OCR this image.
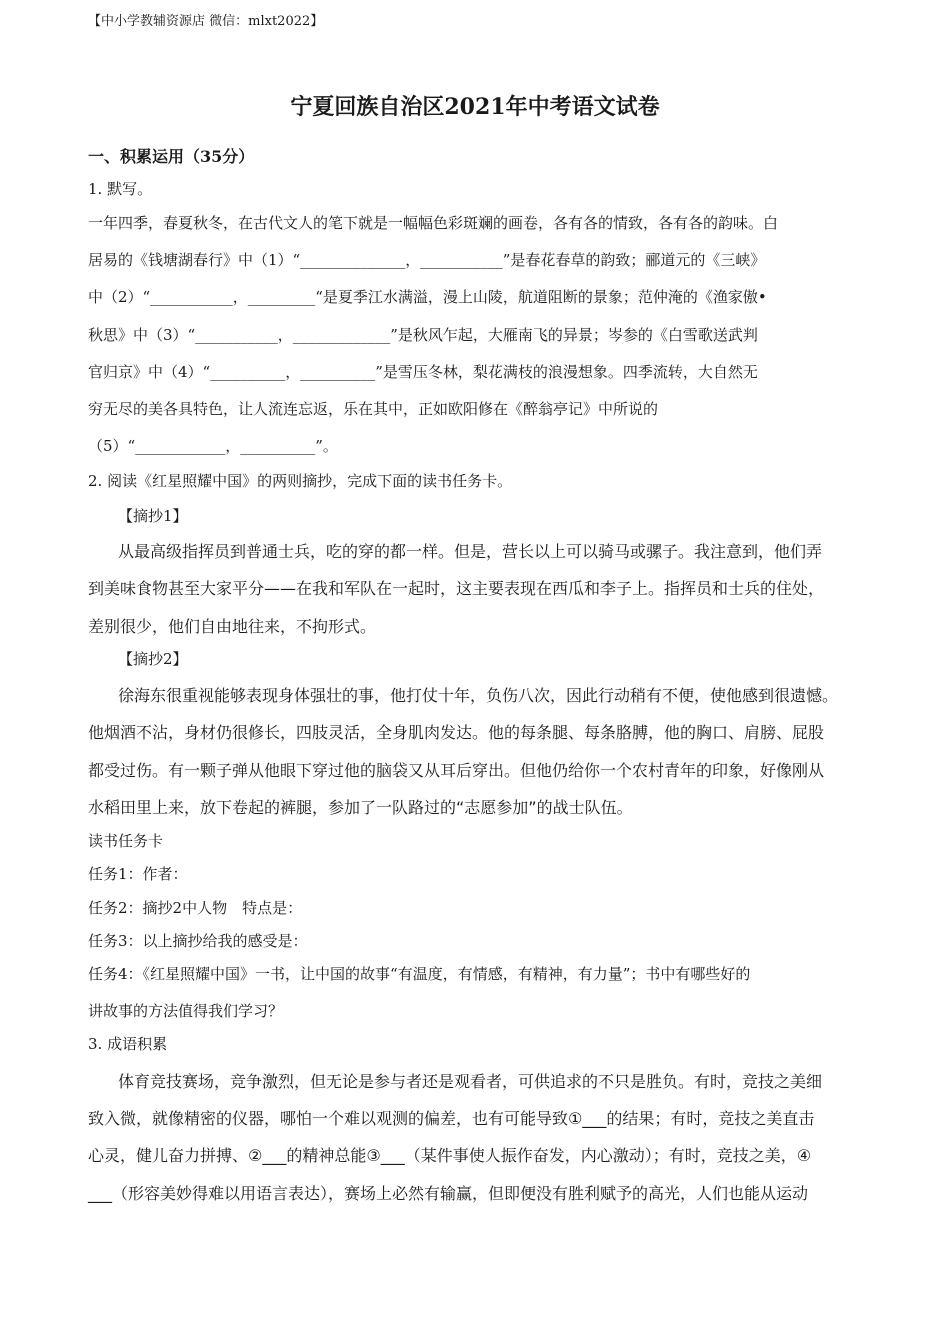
【中小学教辅资源店 微信：mlxt2022】
宁夏回族自治区2021年中考语文试卷
一、积累运用（35分）
1. 默写。
一年四季，春夏秋冬，在古代文人的笔下就是一幅幅色彩斑斓的画卷，各有各的情致，各有各的韵味。白
居易的《钱塘湖春行》中（1）“______________，___________”是春花春草的韵致；郦道元的《三峡》
中（2）“___________，_________“是夏季江水满溢，漫上山陵，航道阻断的景象；范仲淹的《渔家傲•
秋思》中（3）“___________，_____________”是秋风乍起，大雁南飞的异景；岑参的《白雪歌送武判
官归京》中（4）“__________，__________”是雪压冬林，梨花满枝的浪漫想象。四季流转，大自然无
穷无尽的美各具特色，让人流连忘返，乐在其中，正如欧阳修在《醉翁亭记》中所说的
（5）“____________，__________”。
2. 阅读《红星照耀中国》的两则摘抄，完成下面的读书任务卡。
【摘抄1】
从最高级指挥员到普通士兵，吃的穿的都一样。但是，营长以上可以骑马或骡子。我注意到，他们弄
到美味食物甚至大家平分——在我和军队在一起时，这主要表现在西瓜和李子上。指挥员和士兵的住处，
差别很少，他们自由地往来，不拘形式。
【摘抄2】
徐海东很重视能够表现身体强壮的事，他打仗十年，负伤八次，因此行动稍有不便，使他感到很遗憾。
他烟酒不沾，身材仍很修长，四肢灵活，全身肌肉发达。他的每条腿、每条胳膊，他的胸口、肩膀、屁股
都受过伤。有一颗子弹从他眼下穿过他的脑袋又从耳后穿出。但他仍给你一个农村青年的印象，好像刚从
水稻田里上来，放下卷起的裤腿，参加了一队路过的“志愿参加”的战士队伍。
读书任务卡
任务1：作者：
任务2：摘抄2中人物　特点是：
任务3：以上摘抄给我的感受是：
任务4：《红星照耀中国》一书，让中国的故事“有温度，有情感，有精神，有力量”；书中有哪些好的
讲故事的方法值得我们学习？
3. 成语积累
体育竞技赛场，竞争激烈，但无论是参与者还是观看者，可供追求的不只是胜负。有时，竞技之美细
致入微，就像精密的仪器，哪怕一个难以观测的偏差，也有可能导致①___的结果；有时，竞技之美直击
心灵，健儿奋力拼搏、②___的精神总能③___（某件事使人振作奋发，内心激动）；有时，竞技之美，④
___（形容美妙得难以用语言表达），赛场上必然有输赢，但即便没有胜利赋予的高光，人们也能从运动
